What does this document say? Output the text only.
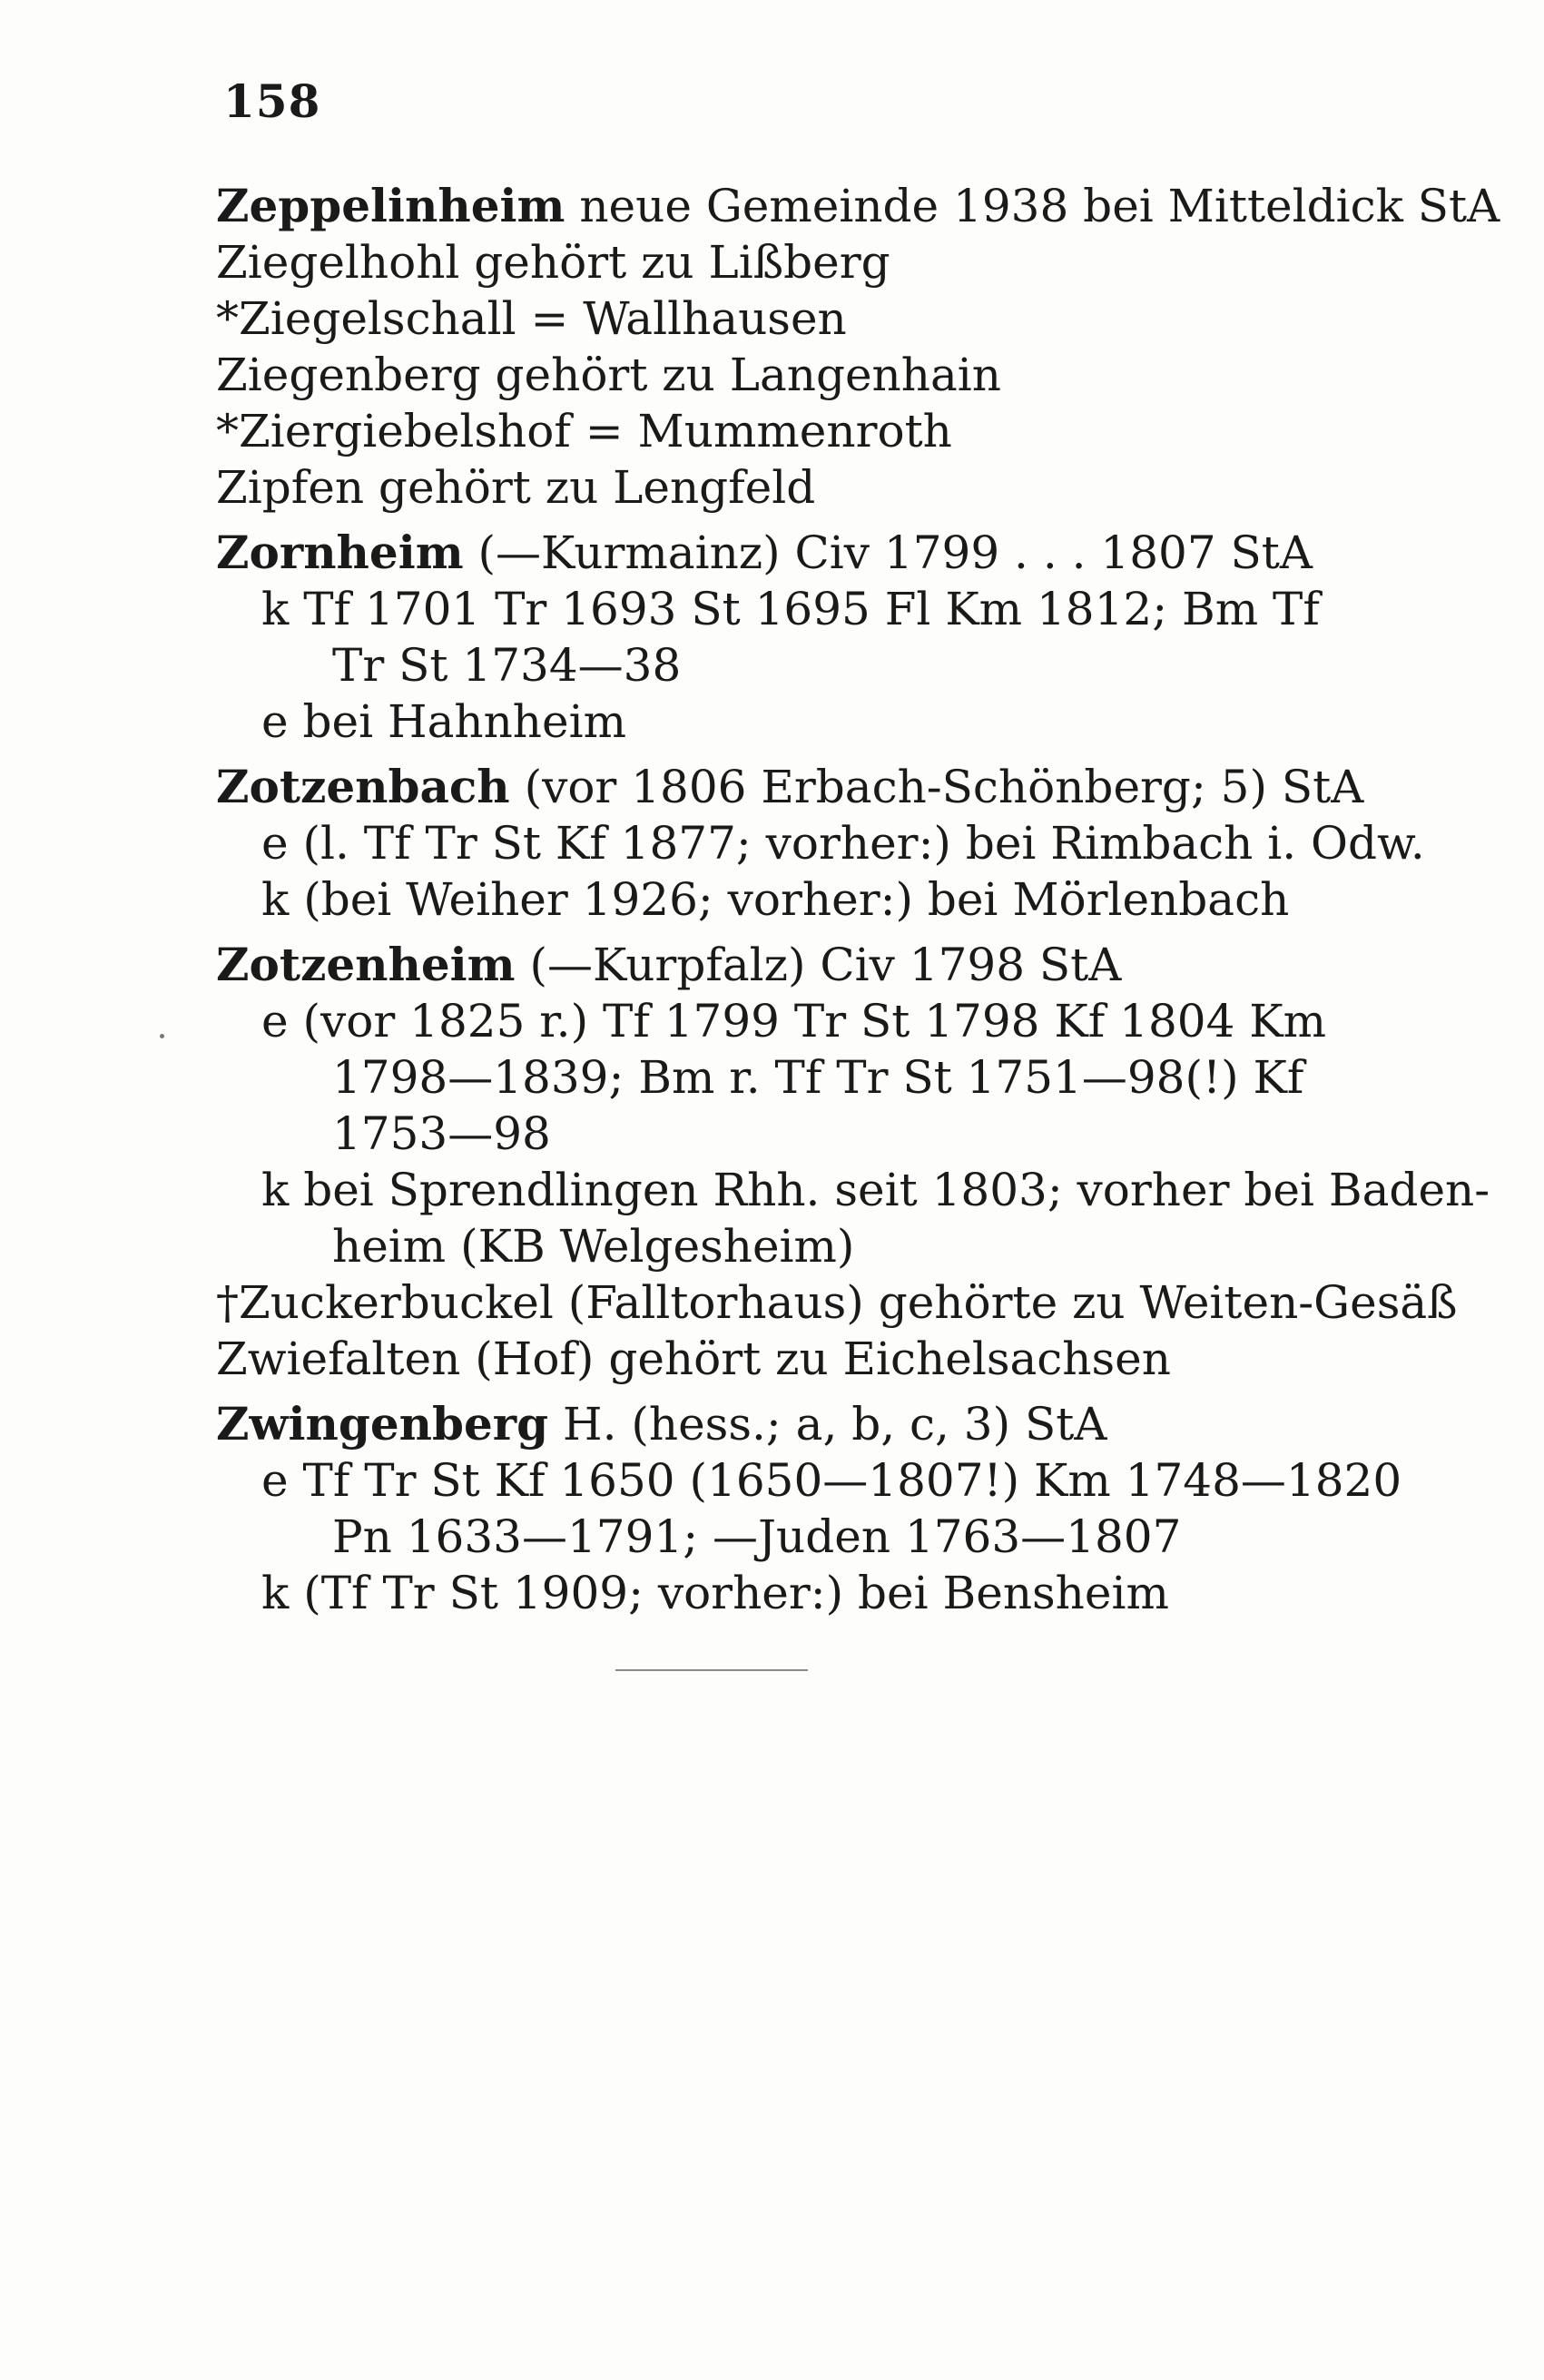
158
Zeppelinheim neue Gemeinde 1938 bei Mitteldick StA
Ziegelhohl gehört zu Lißberg
*Ziegelschall = Wallhausen
Ziegenberg gehört zu Langenhain
*Ziergiebelshof = Mummenroth
Zipfen gehört zu Lengfeld
Zornheim (—Kurmainz) Civ 1799 . . . 1807 StA
k Tf 1701 Tr 1693 St 1695 Fl Km 1812; Bm Tf
Tr St 1734—38
e bei Hahnheim
Zotzenbach (vor 1806 Erbach-Schönberg; 5) StA
e (l. Tf Tr St Kf 1877; vorher:) bei Rimbach i. Odw.
k (bei Weiher 1926; vorher:) bei Mörlenbach
Zotzenheim (—Kurpfalz) Civ 1798 StA
e (vor 1825 r.) Tf 1799 Tr St 1798 Kf 1804 Km
1798—1839; Bm r. Tf Tr St 1751—98(!) Kf
1753—98
k bei Sprendlingen Rhh. seit 1803; vorher bei Baden-
heim (KB Welgesheim)
†Zuckerbuckel (Falltorhaus) gehörte zu Weiten-Gesäß
Zwiefalten (Hof) gehört zu Eichelsachsen
Zwingenberg H. (hess.; a, b, c, 3) StA
e Tf Tr St Kf 1650 (1650—1807!) Km 1748—1820
Pn 1633—1791; —Juden 1763—1807
k (Tf Tr St 1909; vorher:) bei Bensheim
